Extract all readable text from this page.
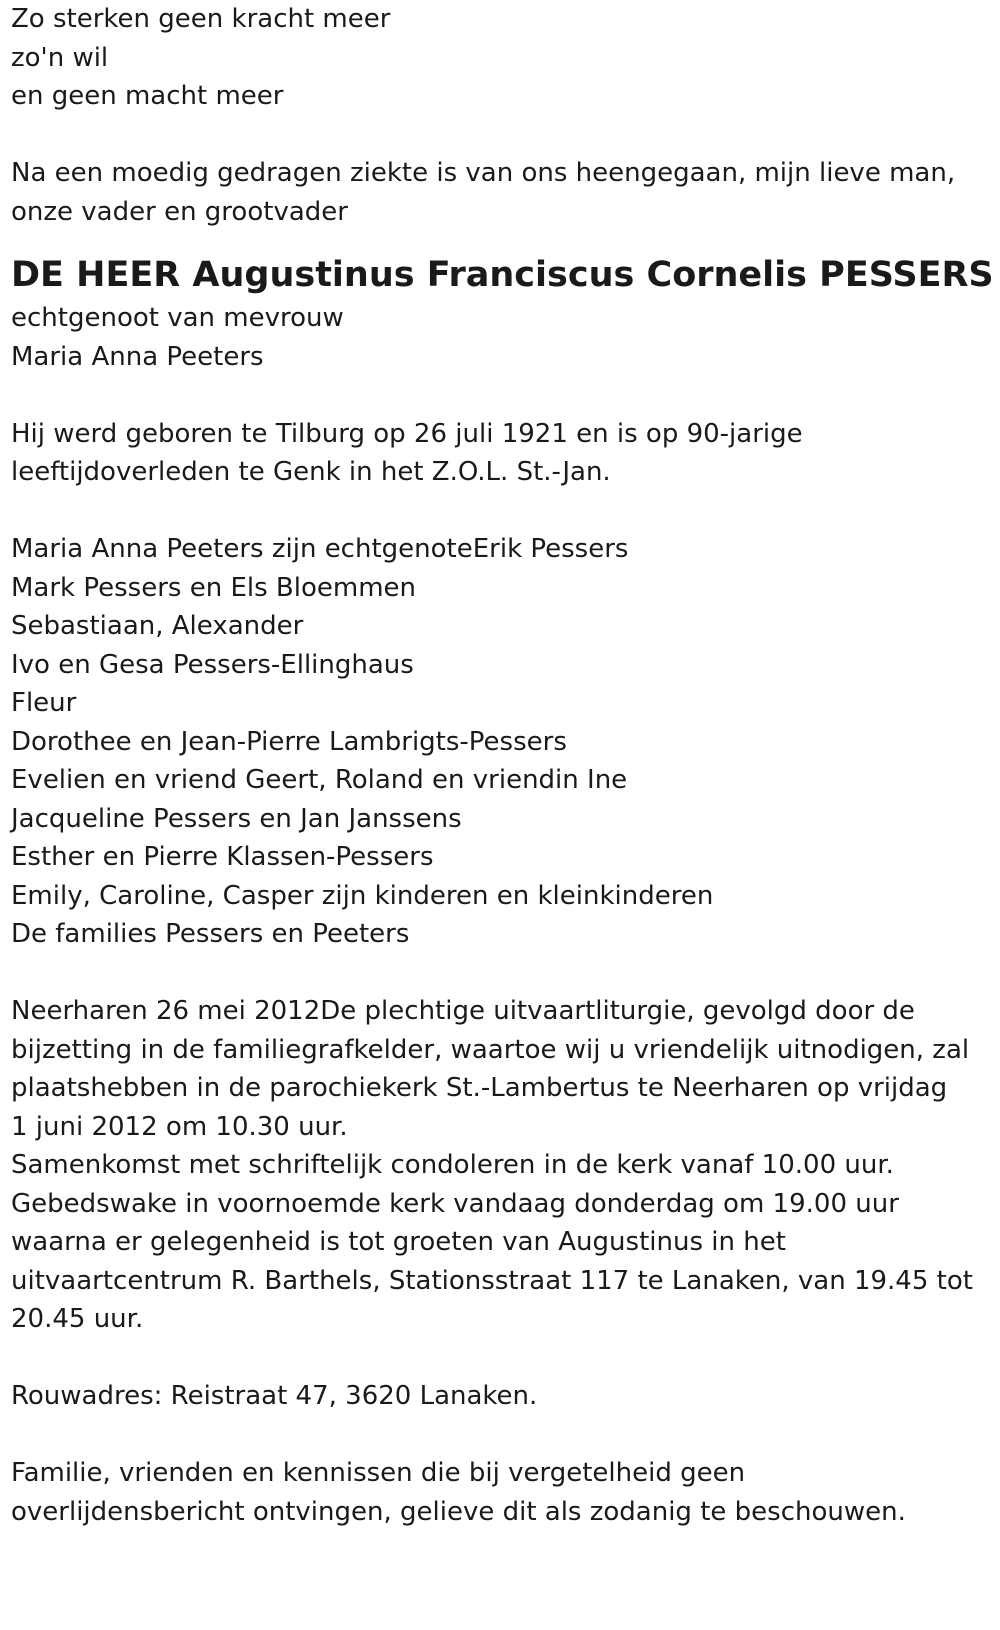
Zo sterken geen kracht meer
zo'n wil
en geen macht meer
Na een moedig gedragen ziekte is van ons heengegaan, mijn lieve man,
onze vader en grootvader
DE HEER Augustinus Franciscus Cornelis PESSERS
echtgenoot van mevrouw
Maria Anna Peeters
Hij werd geboren te Tilburg op 26 juli 1921 en is op 90-jarige
leeftijdoverleden te Genk in het Z.O.L. St.-Jan.
Maria Anna Peeters zijn echtgenoteErik Pessers
Mark Pessers en Els Bloemmen
Sebastiaan, Alexander
Ivo en Gesa Pessers-Ellinghaus
Fleur
Dorothee en Jean-Pierre Lambrigts-Pessers
Evelien en vriend Geert, Roland en vriendin Ine
Jacqueline Pessers en Jan Janssens
Esther en Pierre Klassen-Pessers
Emily, Caroline, Casper zijn kinderen en kleinkinderen
De families Pessers en Peeters
Neerharen 26 mei 2012De plechtige uitvaartliturgie, gevolgd door de
bijzetting in de familiegrafkelder, waartoe wij u vriendelijk uitnodigen, zal
plaatshebben in de parochiekerk St.-Lambertus te Neerharen op vrijdag
1 juni 2012 om 10.30 uur.
Samenkomst met schriftelijk condoleren in de kerk vanaf 10.00 uur.
Gebedswake in voornoemde kerk vandaag donderdag om 19.00 uur
waarna er gelegenheid is tot groeten van Augustinus in het
uitvaartcentrum R. Barthels, Stationsstraat 117 te Lanaken, van 19.45 tot
20.45 uur.
Rouwadres: Reistraat 47, 3620 Lanaken.
Familie, vrienden en kennissen die bij vergetelheid geen
overlijdensbericht ontvingen, gelieve dit als zodanig te beschouwen.
